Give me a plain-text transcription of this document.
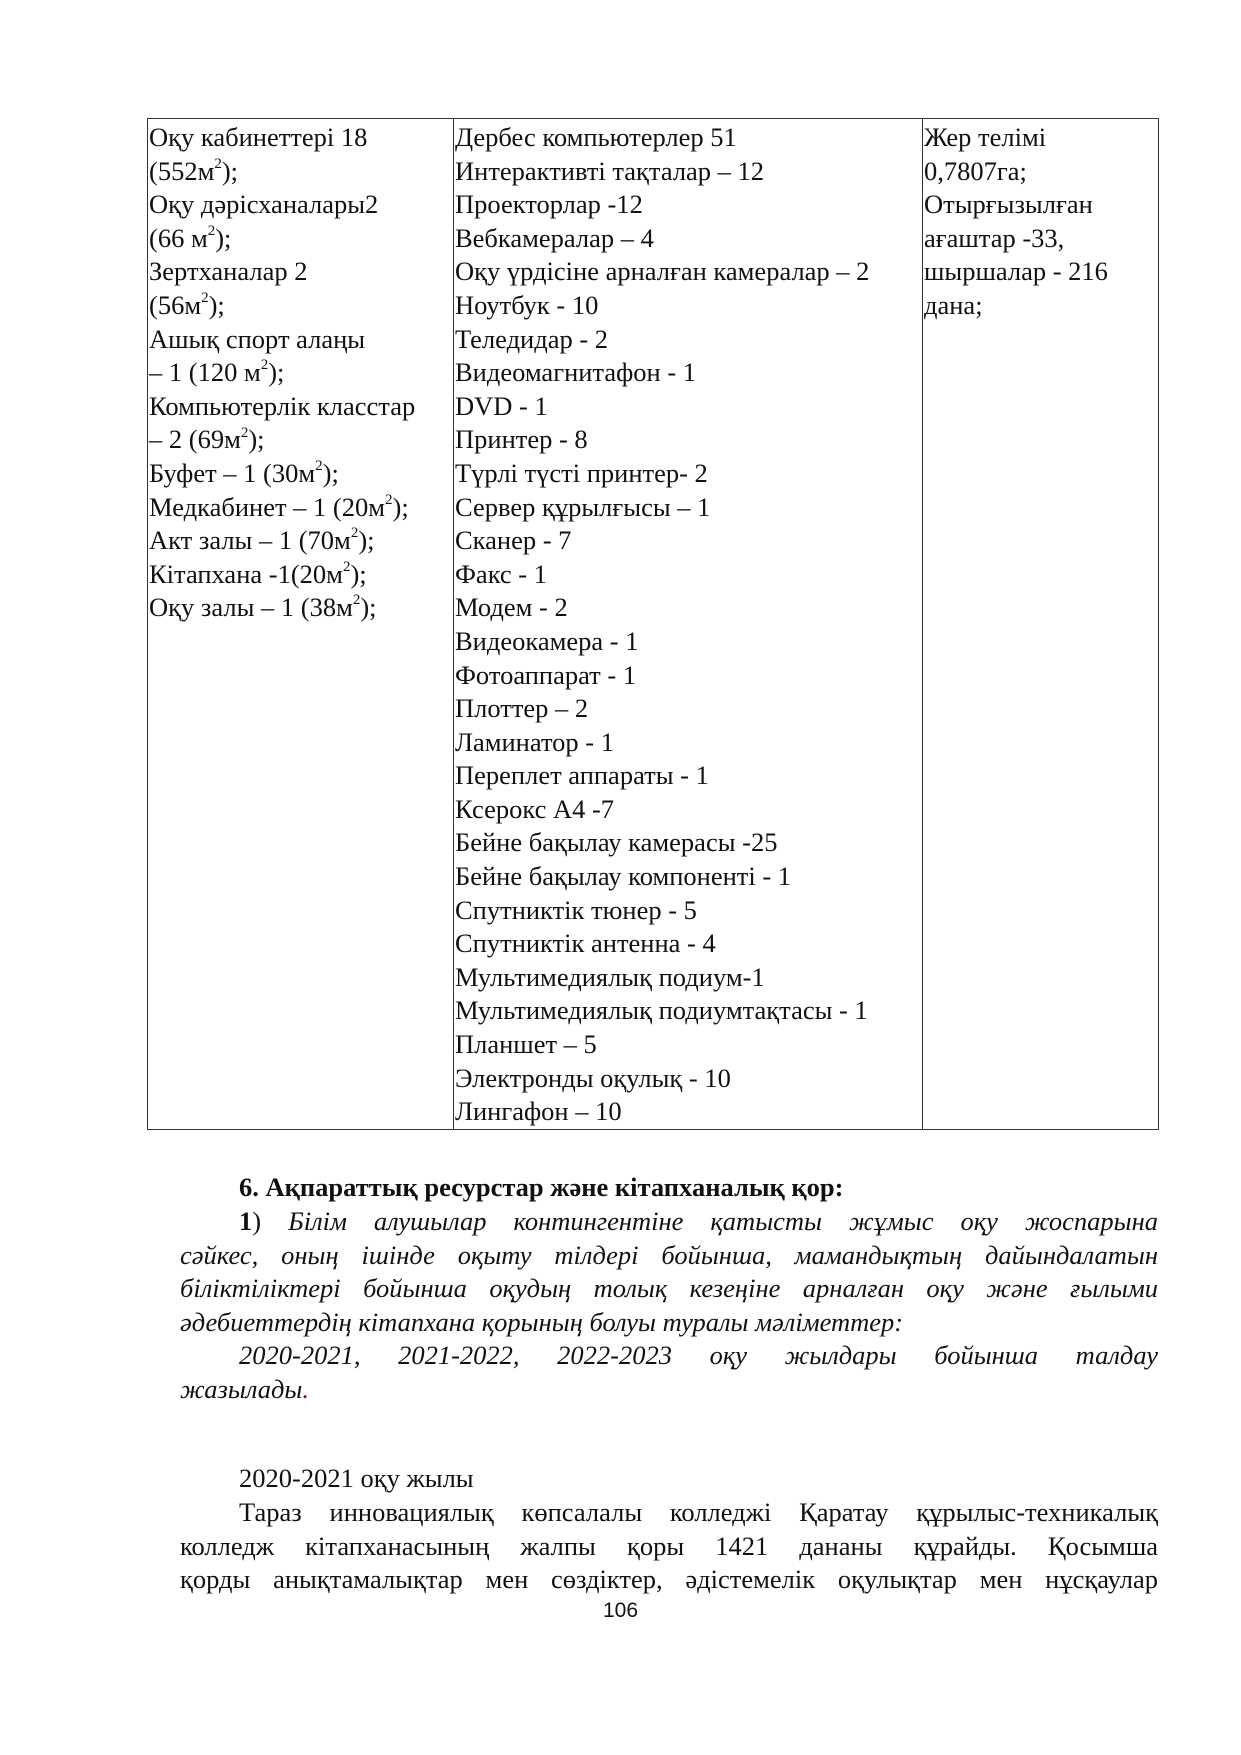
Оқу кабинеттері 18
$(552м^2)$;
Оқу дәрісханалары2
(66 $м^2$);
Зертханалар 2
$(56м^2)$;
Ашық спорт алаңы
– 1 (120 $м^2$);
Компьютерлік класстар
– 2 $(69м^2)$;
Буфет – 1 $(30м^2)$;
Медкабинет – 1 $(20м^2)$;
Акт залы – 1 $(70м^2)$;
Кітапхана $-1(20м^2)$;
Оқу залы – 1 $(38м^2)$;

Дербес компьютерлер 51
Интерактивті тақталар – 12
Проекторлар -12
Вебкамералар – 4
Оқу үрдісіне арналған камералар – 2
Ноутбук - 10
Теледидар - 2
Видеомагнитафон - 1
DVD - 1
Принтер - 8
Түрлі түсті принтер- 2
Сервер құрылғысы – 1
Сканер - 7
Факс - 1
Модем - 2
Видеокамера - 1
Фотоаппарат - 1
Плоттер – 2
Ламинатор - 1
Переплет аппараты - 1
Ксерокс А4 -7
Бейне бақылау камерасы -25
Бейне бақылау компоненті - 1
Спутниктік тюнер - 5
Спутниктік антенна - 4
Мультимедиялық подиум-1
Мультимедиялық подиумтақтасы - 1
Планшет – 5
Электронды оқулық - 10
Лингафон – 10

Жер телімі
0,7807га;
Отырғызылған
ағаштар -33,
шыршалар - 216
дана;
6. Ақпараттық ресурстар және кітапханалық қор:
1) Білім алушылар контингентіне қатысты жұмыс оқу жоспарына
сәйкес, оның ішінде оқыту тілдері бойынша, мамандықтың дайындалатын
біліктіліктері бойынша оқудың толық кезеңіне арналған оқу және ғылыми
әдебиеттердің кітапхана қорының болуы туралы мәліметтер:
2020-2021, 2021-2022, 2022-2023 оқу жылдары бойынша талдау
жазылады.
2020-2021 оқу жылы
Тараз инновациялық көпсалалы колледжі Қаратау құрылыс-техникалық
колледж кітапханасының жалпы қоры 1421 дананы құрайды. Қосымша
қорды анықтамалықтар мен сөздіктер, әдістемелік оқулықтар мен нұсқаулар
106
